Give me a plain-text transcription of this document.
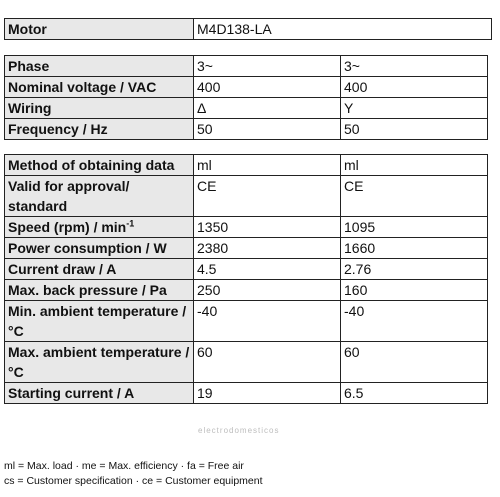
Motor	M4D138-LA
Phase	3~	3~
Nominal voltage / VAC	400	400
Wiring	Δ	Y
Frequency / Hz	50	50
Method of obtaining data	ml	ml
Valid for approval/ standard	CE	CE
Speed $(rpm) / \min^{-1}$	1350	1095
Power consumption / W	2380	1660
Current draw / A	4.5	2.76
Max. back pressure / Pa	250	160
Min. ambient temperature / °C	-40	-40
Max. ambient temperature / °C	60	60
Starting current / A	19	6.5
electrodomesticos
ml = Max. load · me = Max. efficiency · fa = Free air
cs = Customer specification · ce = Customer equipment
